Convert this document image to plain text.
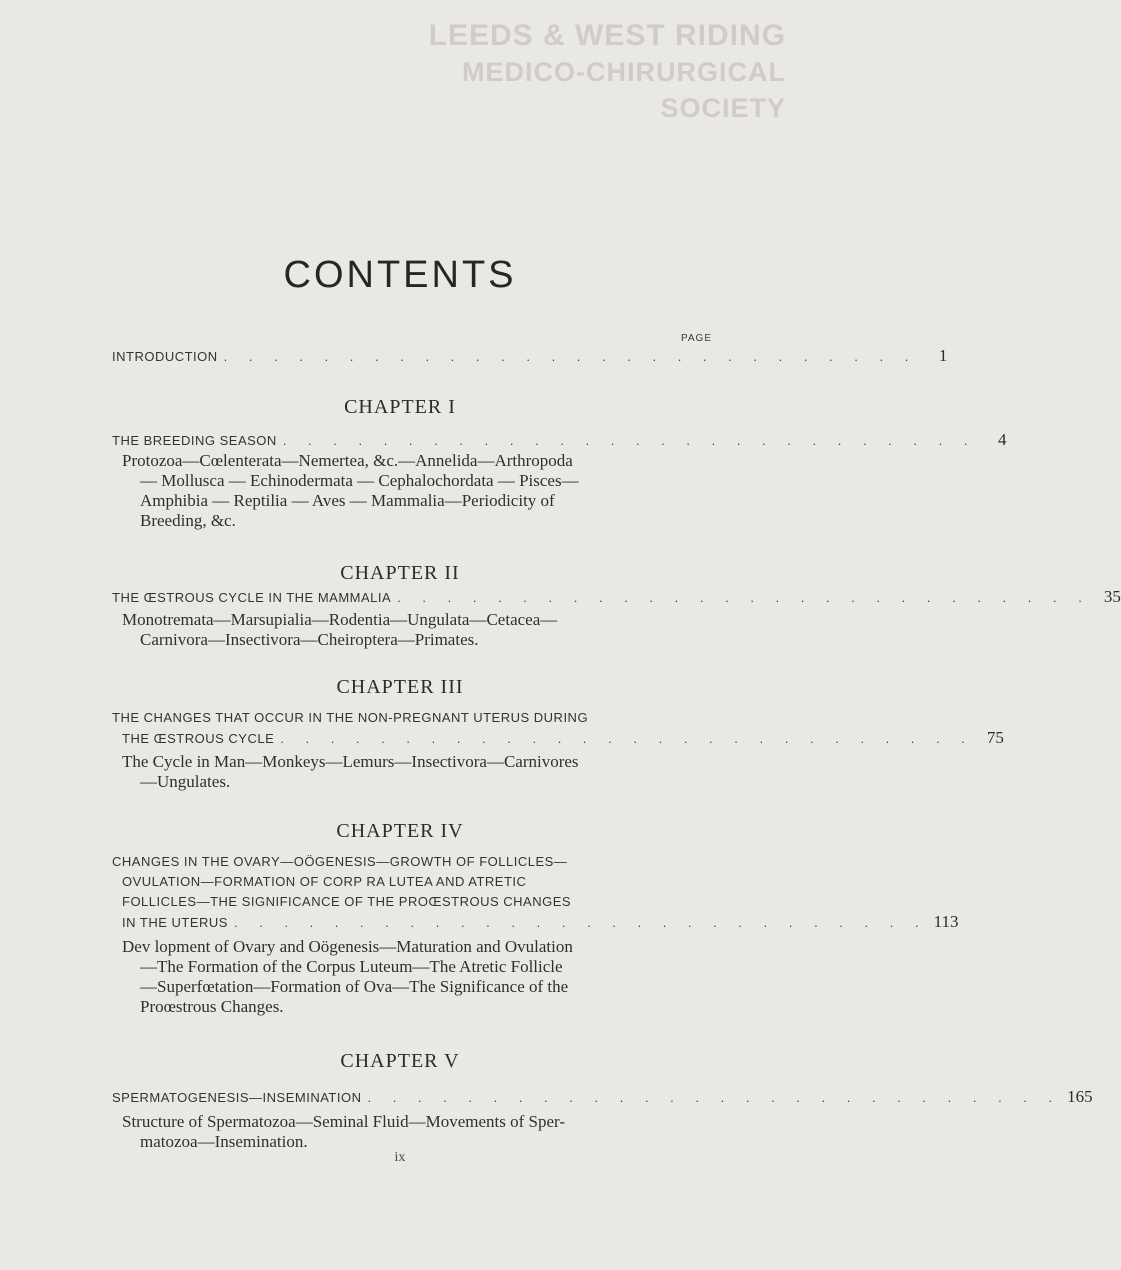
LEEDS & WEST RIDING
MEDICO-CHIRURGICAL SOCIETY
CONTENTS
PAGE
INTRODUCTION . . . . . . . . . . . . . . . . . . . . . . . . . . . .	1
CHAPTER I
THE BREEDING SEASON . . . . . . . . . . . . . . . . . . . . . . . . . . . .	4
Protozoa—Cœlenterata—Nemertea, &c.—Annelida—Arthropoda
— Mollusca — Echinodermata — Cephalochordata — Pisces—
Amphibia — Reptilia — Aves — Mammalia—Periodicity of
Breeding, &c.
CHAPTER II
THE ŒSTROUS CYCLE IN THE MAMMALIA . . . . . . . . . . . . . . . . . . . . . . . . . . . . 35
Monotremata—Marsupialia—Rodentia—Ungulata—Cetacea—
Carnivora—Insectivora—Cheiroptera—Primates.
CHAPTER III
THE CHANGES THAT OCCUR IN THE NON-PREGNANT UTERUS DURING
THE ŒSTROUS CYCLE . . . . . . . . . . . . . . . . . . . . . . . . . . . . 75
The Cycle in Man—Monkeys—Lemurs—Insectivora—Carnivores
—Ungulates.
CHAPTER IV
CHANGES IN THE OVARY—OÖGENESIS—GROWTH OF FOLLICLES—
OVULATION—FORMATION OF CORP RA LUTEA AND ATRETIC
FOLLICLES—THE SIGNIFICANCE OF THE PROŒSTROUS CHANGES
IN THE UTERUS . . . . . . . . . . . . . . . . . . . . . . . . . . . . 113
Dev lopment of Ovary and Oögenesis—Maturation and Ovulation
—The Formation of the Corpus Luteum—The Atretic Follicle
—Superfœtation—Formation of Ova—The Significance of the
Proœstrous Changes.
CHAPTER V
SPERMATOGENESIS—INSEMINATION . . . . . . . . . . . . . . . . . . . . . . . . . . . . 165
Structure of Spermatozoa—Seminal Fluid—Movements of Sper-
matozoa—Insemination.
ix
